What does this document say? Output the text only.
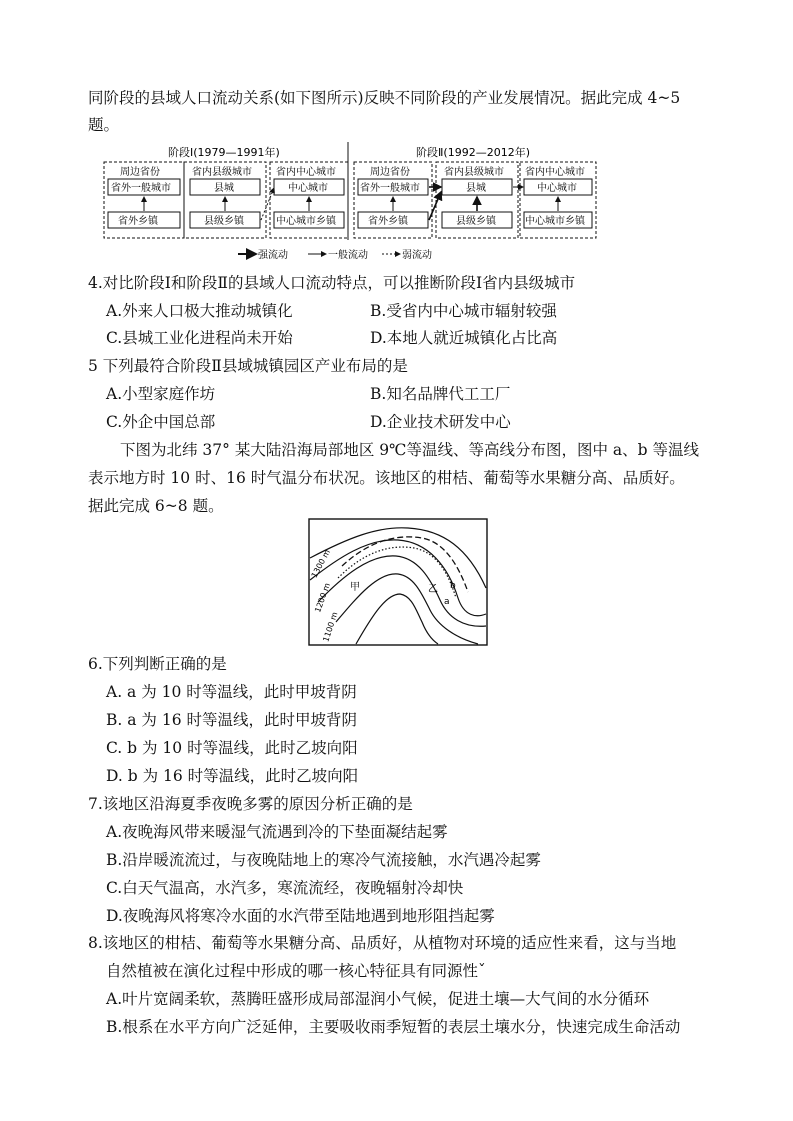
同阶段的县域人口流动关系(如下图所示)反映不同阶段的产业发展情况。据此完成 4~5
题。
阶段Ⅰ(1979—1991年)	阶段Ⅱ(1992—2012年)
周边省份
省外一般城市
省外乡镇
省内县级城市
县城
县级乡镇
省内中心城市
中心城市
中心城市乡镇
周边省份
省外一般城市
省外乡镇
省内县级城市
县城
县级乡镇
省内中心城市
中心城市
中心城市乡镇
强流动	一般流动	弱流动
4.对比阶段Ⅰ和阶段Ⅱ的县域人口流动特点，可以推断阶段Ⅰ省内县级城市
A.外来人口极大推动城镇化	B.受省内中心城市辐射较强
C.县城工业化进程尚未开始	D.本地人就近城镇化占比高
5 下列最符合阶段Ⅱ县域城镇园区产业布局的是
A.小型家庭作坊	B.知名品牌代工工厂
C.外企中国总部	D.企业技术研发中心
下图为北纬 37° 某大陆沿海局部地区 9℃等温线、等高线分布图，图中 a、b 等温线
表示地方时 10 时、16 时气温分布状况。该地区的柑桔、葡萄等水果糖分高、品质好。
据此完成 6~8 题。
1300 m
1200 m
1100 m
甲	乙
a
b
6.下列判断正确的是
A. a 为 10 时等温线，此时甲坡背阴
B. a 为 16 时等温线，此时甲坡背阴
C. b 为 10 时等温线，此时乙坡向阳
D. b 为 16 时等温线，此时乙坡向阳
7.该地区沿海夏季夜晚多雾的原因分析正确的是
A.夜晚海风带来暖湿气流遇到冷的下垫面凝结起雾
B.沿岸暖流流过，与夜晚陆地上的寒冷气流接触，水汽遇冷起雾
C.白天气温高，水汽多，寒流流经，夜晚辐射冷却快
D.夜晚海风将寒冷水面的水汽带至陆地遇到地形阻挡起雾
8.该地区的柑桔、葡萄等水果糖分高、品质好，从植物对环境的适应性来看，这与当地
自然植被在演化过程中形成的哪一核心特征具有同源性ˇ
A.叶片宽阔柔软，蒸腾旺盛形成局部湿润小气候，促进土壤—大气间的水分循环
B.根系在水平方向广泛延伸，主要吸收雨季短暂的表层土壤水分，快速完成生命活动
